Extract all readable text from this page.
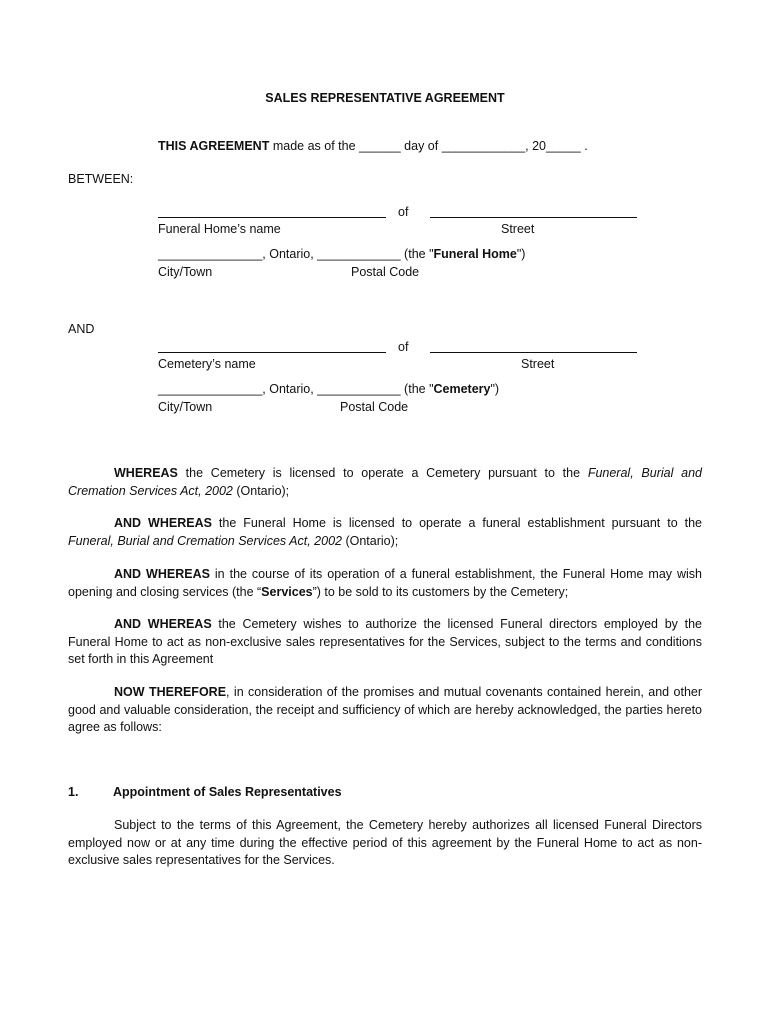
SALES REPRESENTATIVE AGREEMENT
THIS AGREEMENT made as of the ______ day of ____________, 20_____ .
BETWEEN:
of
Funeral Home’s name	Street
_______________, Ontario, ____________ (the "Funeral Home")
City/Town	Postal Code
AND
of
Cemetery’s name	Street
_______________, Ontario, ____________ (the "Cemetery")
City/Town	Postal Code
WHEREAS the Cemetery is licensed to operate a Cemetery pursuant to the Funeral, Burial and Cremation Services Act, 2002 (Ontario);
AND WHEREAS the Funeral Home is licensed to operate a funeral establishment pursuant to the Funeral, Burial and Cremation Services Act, 2002 (Ontario);
AND WHEREAS in the course of its operation of a funeral establishment, the Funeral Home may wish opening and closing services (the “Services”) to be sold to its customers by the Cemetery;
AND WHEREAS the Cemetery wishes to authorize the licensed Funeral directors employed by the Funeral Home to act as non-exclusive sales representatives for the Services, subject to the terms and conditions set forth in this Agreement
NOW THEREFORE, in consideration of the promises and mutual covenants contained herein, and other good and valuable consideration, the receipt and sufficiency of which are hereby acknowledged, the parties hereto agree as follows:
1.	Appointment of Sales Representatives
Subject to the terms of this Agreement, the Cemetery hereby authorizes all licensed Funeral Directors employed now or at any time during the effective period of this agreement by the Funeral Home to act as non-exclusive sales representatives for the Services.
